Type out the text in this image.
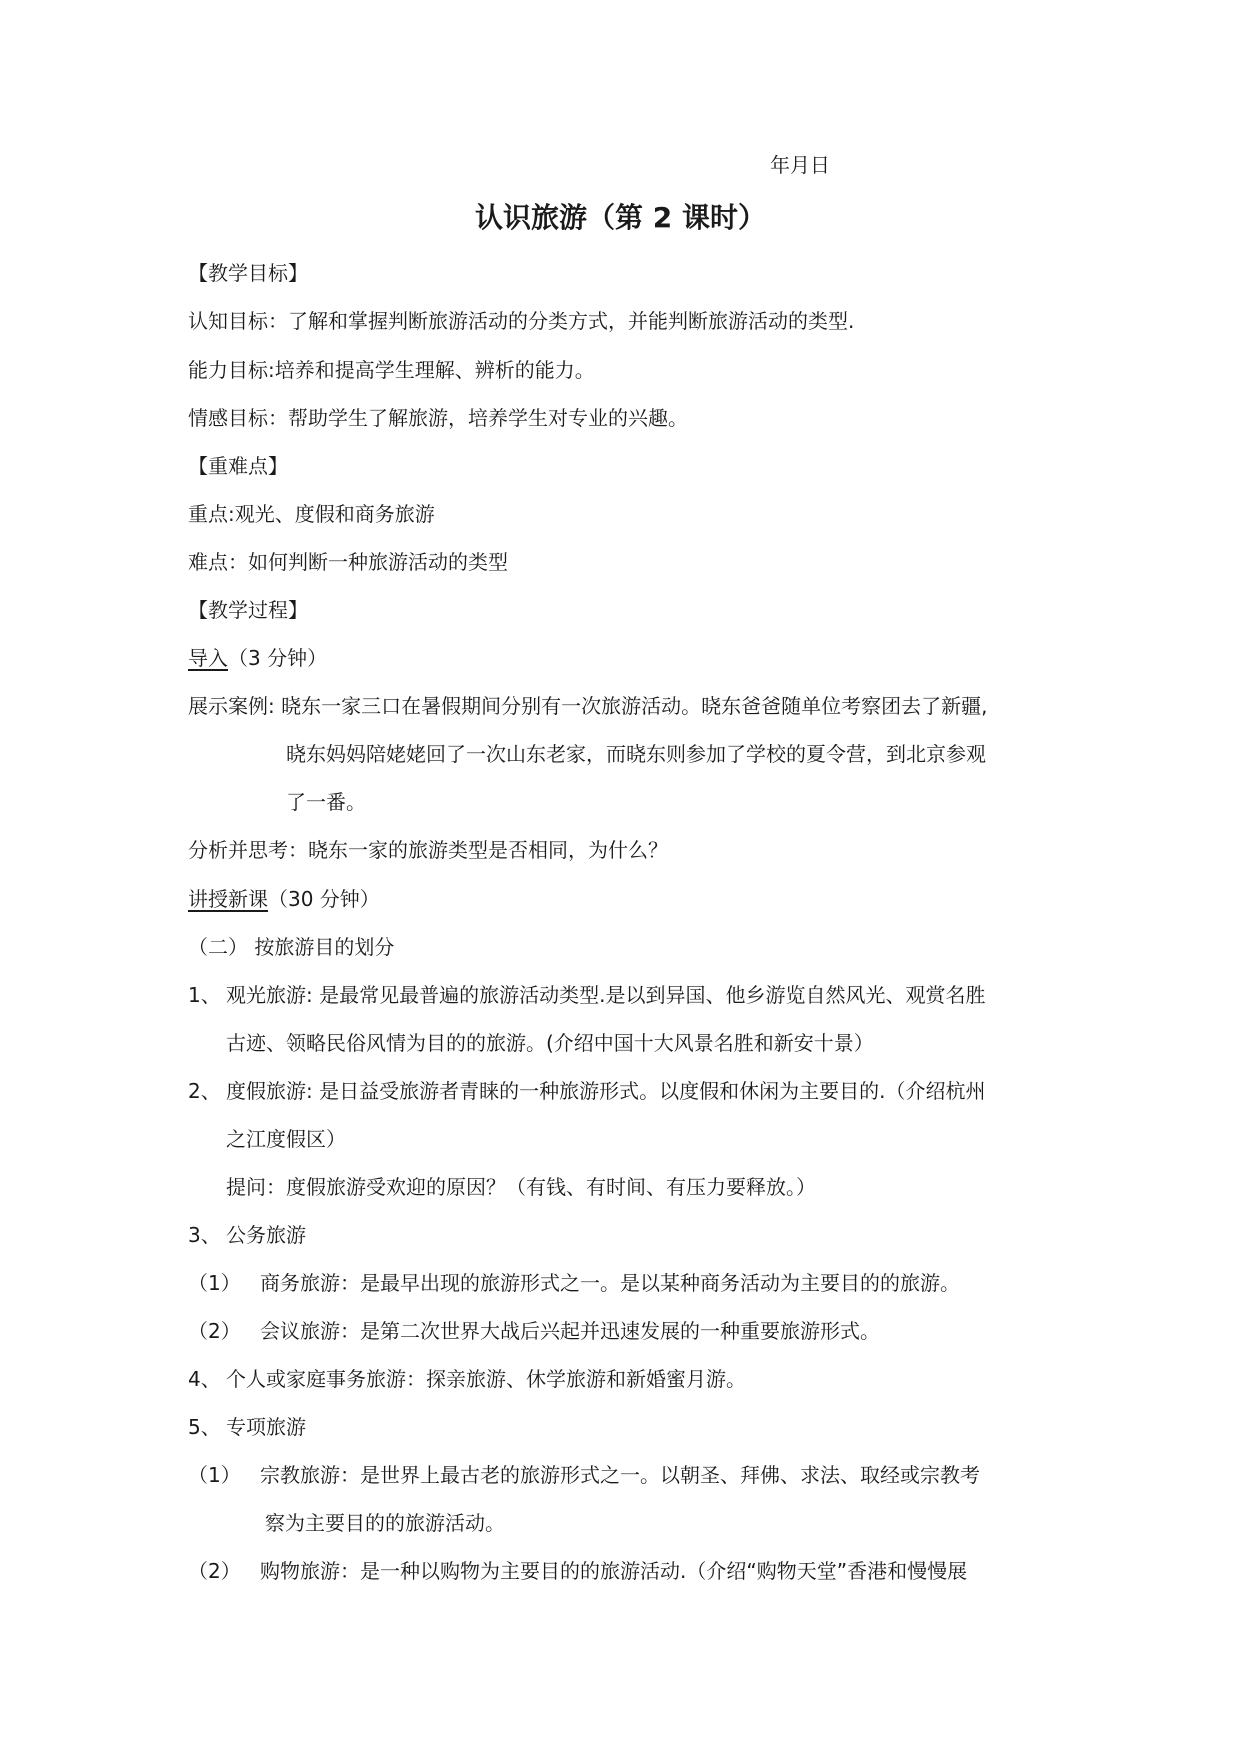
年月日
认识旅游（第 2 课时）
【教学目标】
认知目标：了解和掌握判断旅游活动的分类方式，并能判断旅游活动的类型.
能力目标:培养和提高学生理解、辨析的能力。
情感目标：帮助学生了解旅游，培养学生对专业的兴趣。
【重难点】
重点:观光、度假和商务旅游
难点：如何判断一种旅游活动的类型
【教学过程】
导入（3 分钟）
展示案例: 晓东一家三口在暑假期间分别有一次旅游活动。晓东爸爸随单位考察团去了新疆,
晓东妈妈陪姥姥回了一次山东老家，而晓东则参加了学校的夏令营，到北京参观
了一番。
分析并思考：晓东一家的旅游类型是否相同，为什么？
讲授新课（30 分钟）
（二） 按旅游目的划分
1、 观光旅游: 是最常见最普遍的旅游活动类型.是以到异国、他乡游览自然风光、观赏名胜
古迹、领略民俗风情为目的的旅游。(介绍中国十大风景名胜和新安十景）
2、 度假旅游: 是日益受旅游者青睐的一种旅游形式。以度假和休闲为主要目的.（介绍杭州
之江度假区）
提问：度假旅游受欢迎的原因？（有钱、有时间、有压力要释放。）
3、 公务旅游
（1） 商务旅游：是最早出现的旅游形式之一。是以某种商务活动为主要目的的旅游。
（2） 会议旅游：是第二次世界大战后兴起并迅速发展的一种重要旅游形式。
4、 个人或家庭事务旅游：探亲旅游、休学旅游和新婚蜜月游。
5、 专项旅游
（1） 宗教旅游：是世界上最古老的旅游形式之一。以朝圣、拜佛、求法、取经或宗教考
察为主要目的的旅游活动。
（2） 购物旅游：是一种以购物为主要目的的旅游活动.（介绍“购物天堂”香港和慢慢展
